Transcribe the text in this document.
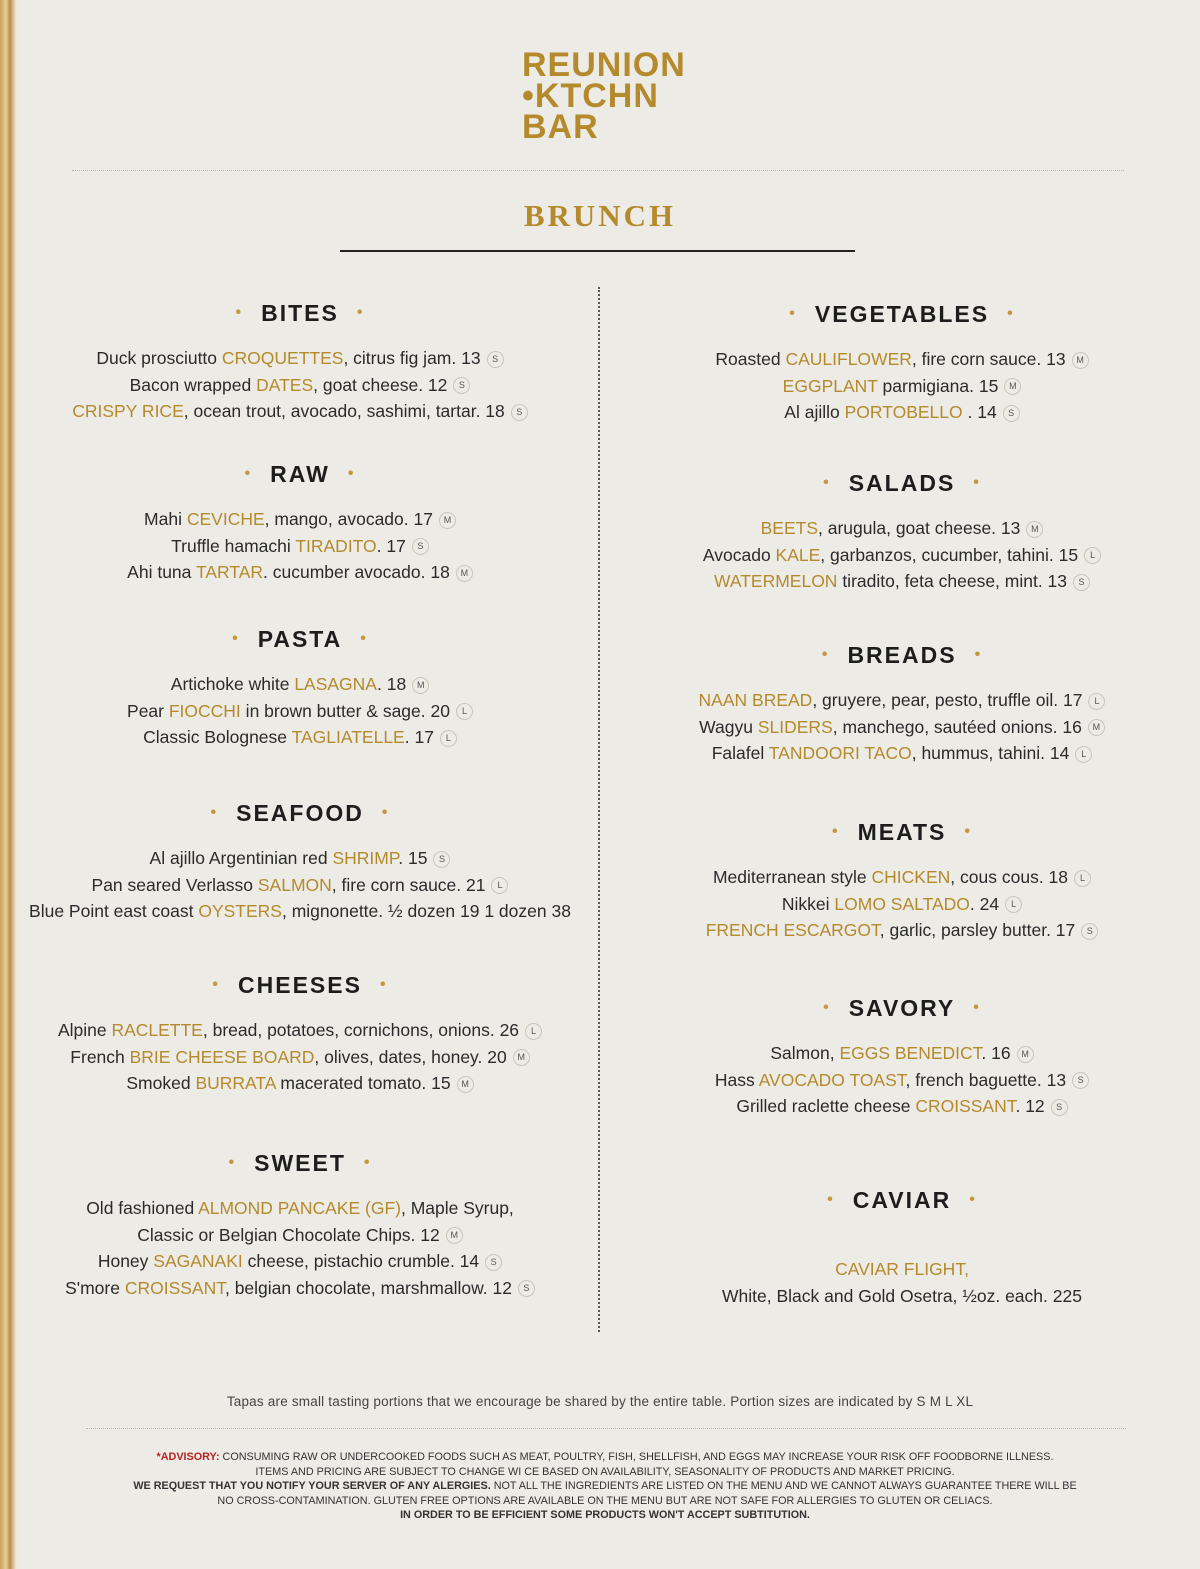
REUNION
•KTCHN
BAR
BRUNCH
• BITES •
Duck prosciutto CROQUETTES, citrus fig jam. 13 S
Bacon wrapped DATES, goat cheese. 12 S
CRISPY RICE, ocean trout, avocado, sashimi, tartar. 18 S
• RAW •
Mahi CEVICHE, mango, avocado. 17 M
Truffle hamachi TIRADITO. 17 S
Ahi tuna TARTAR. cucumber avocado. 18 M
• PASTA •
Artichoke white LASAGNA. 18 M
Pear FIOCCHI in brown butter & sage. 20 L
Classic Bolognese TAGLIATELLE. 17 L
• SEAFOOD •
Al ajillo Argentinian red SHRIMP. 15 S
Pan seared Verlasso SALMON, fire corn sauce. 21 L
Blue Point east coast OYSTERS, mignonette. ½ dozen 19 1 dozen 38
• CHEESES •
Alpine RACLETTE, bread, potatoes, cornichons, onions. 26 L
French BRIE CHEESE BOARD, olives, dates, honey. 20 M
Smoked BURRATA macerated tomato. 15 M
• SWEET •
Old fashioned ALMOND PANCAKE (GF), Maple Syrup,
Classic or Belgian Chocolate Chips. 12 M
Honey SAGANAKI cheese, pistachio crumble. 14 S
S'more CROISSANT, belgian chocolate, marshmallow. 12 S
• VEGETABLES •
Roasted CAULIFLOWER, fire corn sauce. 13 M
EGGPLANT parmigiana. 15 M
Al ajillo PORTOBELLO . 14 S
• SALADS •
BEETS, arugula, goat cheese. 13 M
Avocado KALE, garbanzos, cucumber, tahini. 15 L
WATERMELON tiradito, feta cheese, mint. 13 S
• BREADS •
NAAN BREAD, gruyere, pear, pesto, truffle oil. 17 L
Wagyu SLIDERS, manchego, sautéed onions. 16 M
Falafel TANDOORI TACO, hummus, tahini. 14 L
• MEATS •
Mediterranean style CHICKEN, cous cous. 18 L
Nikkei LOMO SALTADO. 24 L
FRENCH ESCARGOT, garlic, parsley butter. 17 S
• SAVORY •
Salmon, EGGS BENEDICT. 16 M
Hass AVOCADO TOAST, french baguette. 13 S
Grilled raclette cheese CROISSANT. 12 S
• CAVIAR •
CAVIAR FLIGHT,
White, Black and Gold Osetra, ½oz. each. 225
Tapas are small tasting portions that we encourage be shared by the entire table. Portion sizes are indicated by S M L XL
*ADVISORY: CONSUMING RAW OR UNDERCOOKED FOODS SUCH AS MEAT, POULTRY, FISH, SHELLFISH, AND EGGS MAY INCREASE YOUR RISK OFF FOODBORNE ILLNESS.
ITEMS AND PRICING ARE SUBJECT TO CHANGE WI CE BASED ON AVAILABILITY, SEASONALITY OF PRODUCTS AND MARKET PRICING.
WE REQUEST THAT YOU NOTIFY YOUR SERVER OF ANY ALERGIES. NOT ALL THE INGREDIENTS ARE LISTED ON THE MENU AND WE CANNOT ALWAYS GUARANTEE THERE WILL BE
NO CROSS-CONTAMINATION. GLUTEN FREE OPTIONS ARE AVAILABLE ON THE MENU BUT ARE NOT SAFE FOR ALLERGIES TO GLUTEN OR CELIACS.
IN ORDER TO BE EFFICIENT SOME PRODUCTS WON'T ACCEPT SUBTITUTION.
